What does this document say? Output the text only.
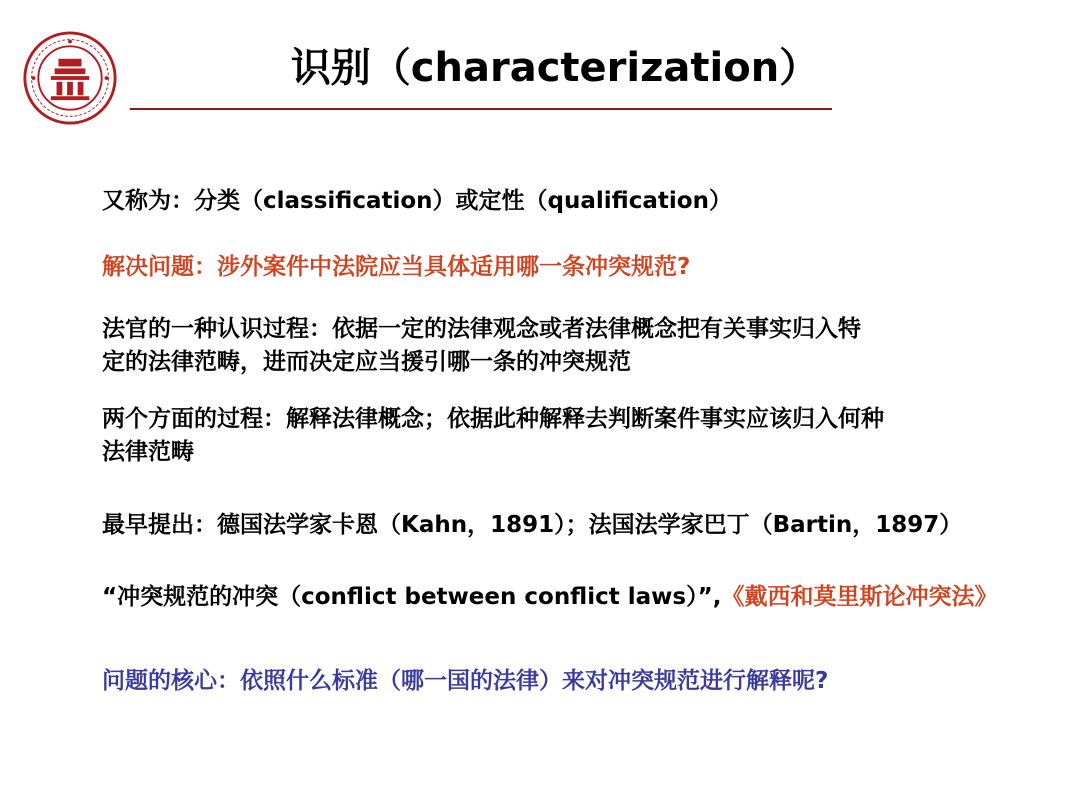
识别（characterization）
又称为：分类（classification）或定性（qualification）
解决问题：涉外案件中法院应当具体适用哪一条冲突规范?
法官的一种认识过程：依据一定的法律观念或者法律概念把有关事实归入特
定的法律范畴，进而决定应当援引哪一条的冲突规范
两个方面的过程：解释法律概念；依据此种解释去判断案件事实应该归入何种
法律范畴
最早提出：德国法学家卡恩（Kahn，1891）；法国法学家巴丁（Bartin，1897）
“冲突规范的冲突（conflict between conflict laws）”,《戴西和莫里斯论冲突法》
问题的核心：依照什么标准（哪一国的法律）来对冲突规范进行解释呢?
